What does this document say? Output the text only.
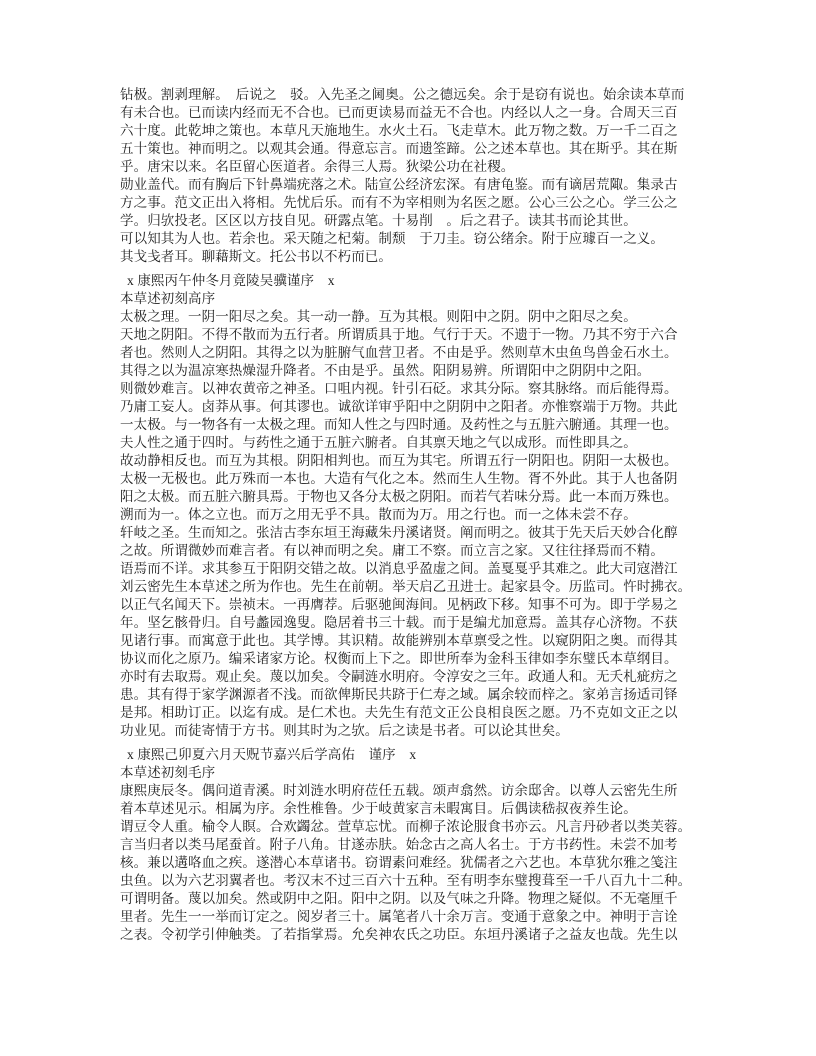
钻极。割剥理解。　后说之　驳。入先圣之阃奥。公之德远矣。余于是窃有说也。始余读本草而
有未合也。已而读内经而无不合也。已而更读易而益无不合也。内经以人之一身。合周天三百
六十度。此乾坤之策也。本草凡天施地生。水火土石。飞走草木。此万物之数。万一千二百之
五十策也。神而明之。以观其会通。得意忘言。而遗筌蹄。公之述本草也。其在斯乎。其在斯
乎。唐宋以来。名臣留心医道者。余得三人焉。狄梁公功在社稷。
勋业盖代。而有胸后下针鼻端疣落之术。陆宣公经济宏深。有唐龟鉴。而有谪居荒陬。集录古
方之事。范文正出入将相。先忧后乐。而有不为宰相则为名医之愿。公心三公之心。学三公之
学。归欤投老。区区以方技自见。研露点笔。十易削　。后之君子。读其书而论其世。
可以知其为人也。若余也。采天随之杞菊。制颓　于刀圭。窃公绪余。附于应璩百一之义。
其戈戋者耳。聊藉斯文。托公书以不朽而已。
x 康熙丙午仲冬月竟陵吴骥谨序　x
本草述初刻高序
太极之理。一阴一阳尽之矣。其一动一静。互为其根。则阳中之阴。阴中之阳尽之矣。
天地之阴阳。不得不散而为五行者。所谓质具于地。气行于天。不遗于一物。乃其不穷于六合
者也。然则人之阴阳。其得之以为脏腑气血营卫者。不由是乎。然则草木虫鱼鸟兽金石水土。
其得之以为温凉寒热燥湿升降者。不由是乎。虽然。阳阴易辨。所谓阳中之阴阴中之阳。
则微妙难言。以神农黄帝之神圣。口咀内视。针引石砭。求其分际。察其脉络。而后能得焉。
乃庸工妄人。卤莽从事。何其谬也。诚欲详审乎阳中之阴阴中之阳者。亦惟察端于万物。共此
一太极。与一物各有一太极之理。而知人性之与四时通。及药性之与五脏六腑通。其理一也。
夫人性之通于四时。与药性之通于五脏六腑者。自其禀天地之气以成形。而性即具之。
故动静相反也。而互为其根。阴阳相判也。而互为其宅。所谓五行一阴阳也。阴阳一太极也。
太极一无极也。此万殊而一本也。大造有气化之本。然而生人生物。胥不外此。其于人也备阴
阳之太极。而五脏六腑具焉。于物也又各分太极之阴阳。而若气若味分焉。此一本而万殊也。
溯而为一。体之立也。而万之用无乎不具。散而为万。用之行也。而一之体未尝不存。
轩岐之圣。生而知之。张洁古李东垣王海藏朱丹溪诸贤。阐而明之。彼其于先天后天妙合化醇
之故。所谓微妙而难言者。有以神而明之矣。庸工不察。而立言之家。又往往择焉而不精。
语焉而不详。求其参互于阳阴交错之故。以消息乎盈虚之间。盖戛戛乎其难之。此大司寇潜江
刘云密先生本草述之所为作也。先生在前朝。举天启乙丑进士。起家县令。历监司。忤时拂衣。
以正气名闻天下。崇祯末。一再膺荐。后驱驰闽海间。见柄政下移。知事不可为。即于学易之
年。坚乞骸骨归。自号蠡园逸叟。隐居着书三十载。而于是编尤加意焉。盖其存心济物。不获
见诸行事。而寓意于此也。其学博。其识精。故能辨别本草禀受之性。以窥阴阳之奥。而得其
协议而化之原乃。编采诸家方论。权衡而上下之。即世所奉为金科玉律如李东璧氏本草纲目。
亦时有去取焉。观止矣。蔑以加矣。令嗣涟水明府。令淳安之三年。政通人和。无夭札疵疠之
患。其有得于家学渊源者不浅。而欲俾斯民共跻于仁寿之域。属余较而梓之。家弟言扬适司铎
是邦。相助订正。以迄有成。是仁术也。夫先生有范文正公良相良医之愿。乃不克如文正之以
功业见。而徒寄情于方书。则其时为之欤。后之读是书者。可以论其世矣。
x 康熙己卯夏六月天贶节嘉兴后学高佑　谨序　x
本草述初刻毛序
康熙庚辰冬。偶问道青溪。时刘涟水明府莅任五载。颂声翕然。访余邸舍。以尊人云密先生所
着本草述见示。相属为序。余性椎鲁。少于岐黄家言未暇寓目。后偶读嵇叔夜养生论。
谓豆令人重。榆令人瞑。合欢蠲忿。萱草忘忧。而柳子浓论服食书亦云。凡言丹砂者以类芙蓉。
言当归者以类马尾蚕首。附子八角。甘遂赤肤。始念古之高人名士。于方书药性。未尝不加考
核。兼以遘咯血之疾。遂潜心本草诸书。窃谓素问难经。犹儒者之六艺也。本草犹尔雅之笺注
虫鱼。以为六艺羽翼者也。考汉末不过三百六十五种。至有明李东璧搜葺至一千八百九十二种。
可谓明备。蔑以加矣。然或阴中之阳。阳中之阴。以及气味之升降。物理之疑似。不无毫厘千
里者。先生一一举而订定之。阅岁者三十。属笔者八十余万言。变通于意象之中。神明于言诠
之表。令初学引伸触类。了若指掌焉。允矣神农氏之功臣。东垣丹溪诸子之益友也哉。先生以
